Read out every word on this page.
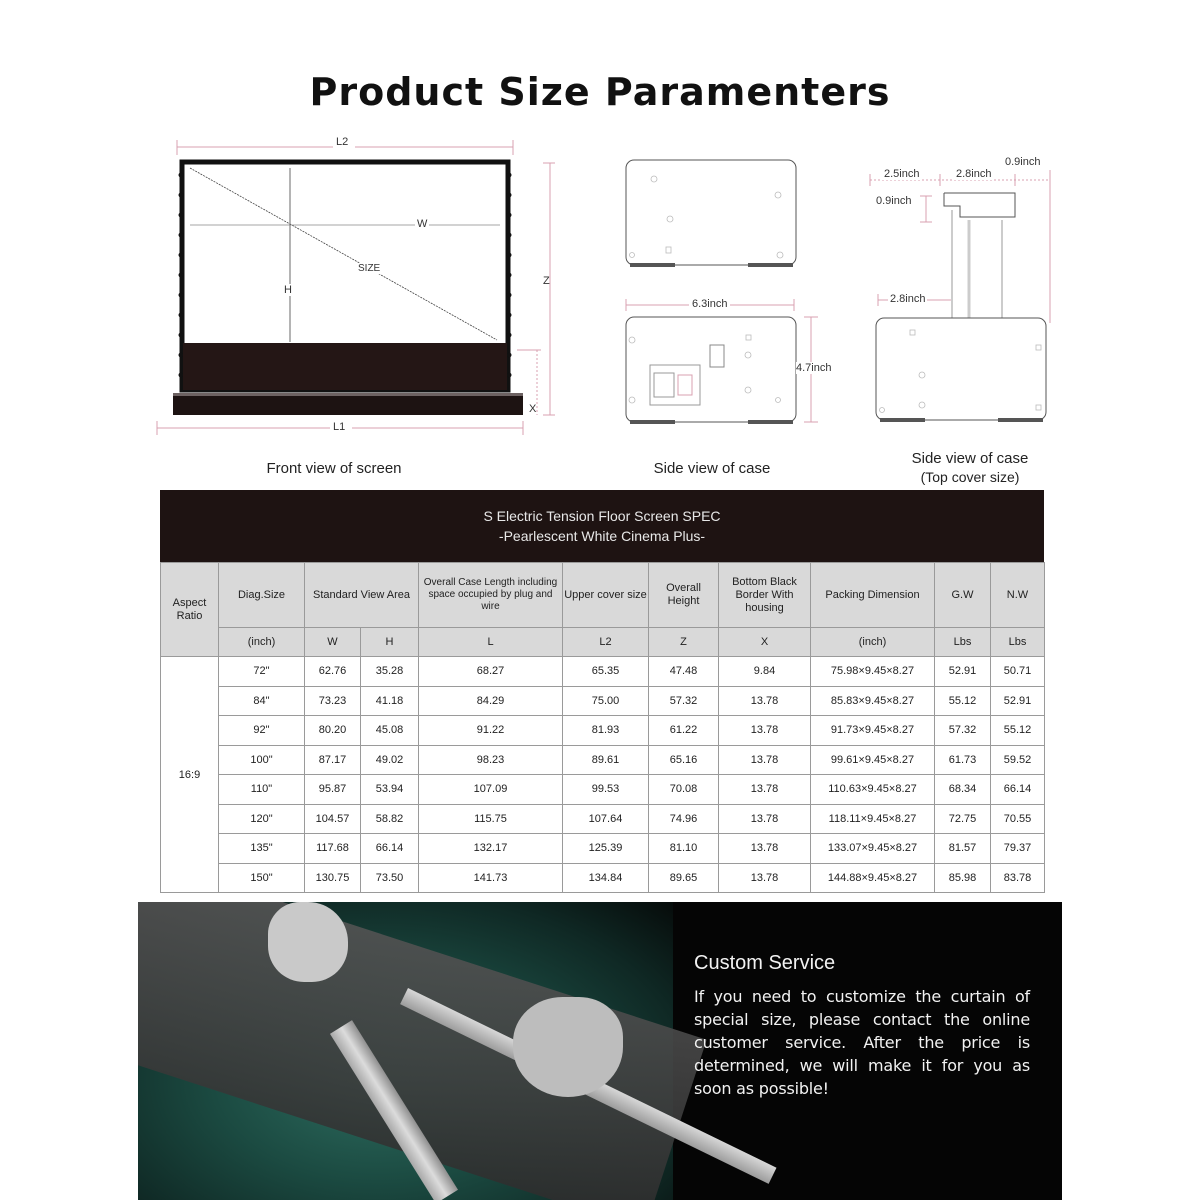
Product Size Paramenters
L2
W
H
SIZE
Z
X
L1
Front view of screen
6.3inch
4.7inch
Side view of case
2.5inch	2.8inch
0.9inch
0.9inch
2.8inch
Side view of case
(Top cover size)
S Electric Tension Floor Screen SPEC
-Pearlescent White Cinema Plus-
Aspect Ratio	Diag.Size	Standard View Area		Overall Case Length including space occupied by plug and wire	Upper cover size	Overall Height	Bottom Black Border With housing	Packing Dimension	G.W	N.W
	(inch)	W	H	L	L2	Z	X	(inch)	Lbs	Lbs
16:9	72"	62.76	35.28	68.27	65.35	47.48	9.84	75.98×9.45×8.27	52.91	50.71
	84"	73.23	41.18	84.29	75.00	57.32	13.78	85.83×9.45×8.27	55.12	52.91
	92"	80.20	45.08	91.22	81.93	61.22	13.78	91.73×9.45×8.27	57.32	55.12
	100"	87.17	49.02	98.23	89.61	65.16	13.78	99.61×9.45×8.27	61.73	59.52
	110"	95.87	53.94	107.09	99.53	70.08	13.78	110.63×9.45×8.27	68.34	66.14
	120"	104.57	58.82	115.75	107.64	74.96	13.78	118.11×9.45×8.27	72.75	70.55
	135"	117.68	66.14	132.17	125.39	81.10	13.78	133.07×9.45×8.27	81.57	79.37
	150"	130.75	73.50	141.73	134.84	89.65	13.78	144.88×9.45×8.27	85.98	83.78
Custom Service

If you need to customize the curtain of special size, please contact the online customer service. After the price is determined, we will make it for you as soon as possible!
